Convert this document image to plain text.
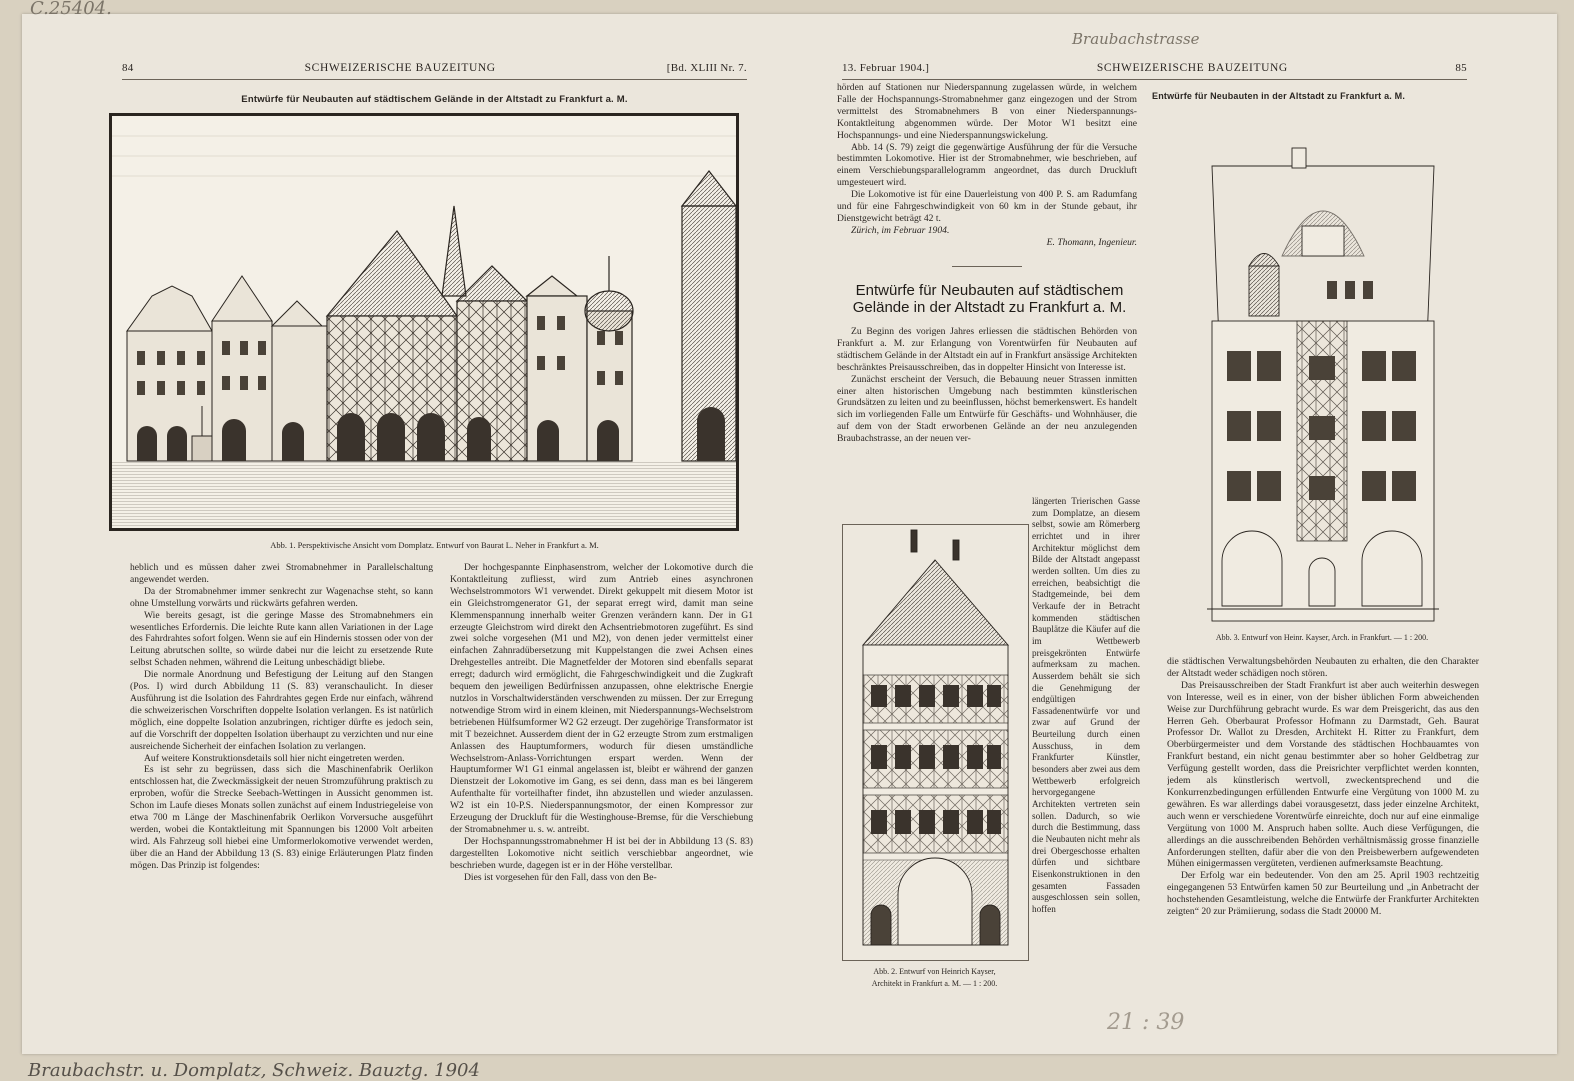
C.25404.
Braubachstrasse
21 : 39
84	SCHWEIZERISCHE BAUZEITUNG	[Bd. XLIII Nr. 7.
Entwürfe für Neubauten auf städtischem Gelände in der Altstadt zu Frankfurt a. M.
Abb. 1. Perspektivische Ansicht vom Domplatz. Entwurf von Baurat L. Neher in Frankfurt a. M.

heblich und es müssen daher zwei Stromabnehmer in Parallelschaltung angewendet werden.

Da der Stromabnehmer immer senkrecht zur Wagenachse steht, so kann ohne Umstellung vorwärts und rückwärts gefahren werden.

Wie bereits gesagt, ist die geringe Masse des Stromabnehmers ein wesentliches Erfordernis. Die leichte Rute kann allen Variationen in der Lage des Fahrdrahtes sofort folgen. Wenn sie auf ein Hindernis stossen oder von der Leitung abrutschen sollte, so würde dabei nur die leicht zu ersetzende Rute selbst Schaden nehmen, während die Leitung unbeschädigt bliebe.

Die normale Anordnung und Befestigung der Leitung auf den Stangen (Pos. I) wird durch Abbildung 11 (S. 83) veranschaulicht. In dieser Ausführung ist die Isolation des Fahrdrahtes gegen Erde nur einfach, während die schweizerischen Vorschriften doppelte Isolation verlangen. Es ist natürlich möglich, eine doppelte Isolation anzubringen, richtiger dürfte es jedoch sein, auf die Vorschrift der doppelten Isolation überhaupt zu verzichten und nur eine ausreichende Sicherheit der einfachen Isolation zu verlangen.

Auf weitere Konstruktionsdetails soll hier nicht eingetreten werden.

Es ist sehr zu begrüssen, dass sich die Maschinenfabrik Oerlikon entschlossen hat, die Zweckmässigkeit der neuen Stromzuführung praktisch zu erproben, wofür die Strecke Seebach-Wettingen in Aussicht genommen ist. Schon im Laufe dieses Monats sollen zunächst auf einem Industriegeleise von etwa 700 m Länge der Maschinenfabrik Oerlikon Vorversuche ausgeführt werden, wobei die Kontaktleitung mit Spannungen bis 12000 Volt arbeiten wird. Als Fahrzeug soll hiebei eine Umformerlokomotive verwendet werden, über die an Hand der Abbildung 13 (S. 83) einige Erläuterungen Platz finden mögen. Das Prinzip ist folgendes:

Der hochgespannte Einphasenstrom, welcher der Lokomotive durch die Kontaktleitung zufliesst, wird zum Antrieb eines asynchronen Wechselstrommotors W1 verwendet. Direkt gekuppelt mit diesem Motor ist ein Gleichstromgenerator G1, der separat erregt wird, damit man seine Klemmenspannung innerhalb weiter Grenzen verändern kann. Der in G1 erzeugte Gleichstrom wird direkt den Achsentriebmotoren zugeführt. Es sind zwei solche vorgesehen (M1 und M2), von denen jeder vermittelst einer einfachen Zahnradübersetzung mit Kuppelstangen die zwei Achsen eines Drehgestelles antreibt. Die Magnetfelder der Motoren sind ebenfalls separat erregt; dadurch wird ermöglicht, die Fahrgeschwindigkeit und die Zugkraft bequem den jeweiligen Bedürfnissen anzupassen, ohne elektrische Energie nutzlos in Vorschaltwiderständen verschwenden zu müssen. Der zur Erregung notwendige Strom wird in einem kleinen, mit Niederspannungs-Wechselstrom betriebenen Hülfsumformer W2 G2 erzeugt. Der zugehörige Transformator ist mit T bezeichnet. Ausserdem dient der in G2 erzeugte Strom zum erstmaligen Anlassen des Hauptumformers, wodurch für diesen umständliche Wechselstrom-Anlass-Vorrichtungen erspart werden. Wenn der Hauptumformer W1 G1 einmal angelassen ist, bleibt er während der ganzen Dienstzeit der Lokomotive im Gang, es sei denn, dass man es bei längerem Aufenthalte für vorteilhafter findet, ihn abzustellen und wieder anzulassen. W2 ist ein 10-P.S. Niederspannungsmotor, der einen Kompressor zur Erzeugung der Druckluft für die Westinghouse-Bremse, für die Verschiebung der Stromabnehmer u. s. w. antreibt.

Der Hochspannungsstromabnehmer H ist bei der in Abbildung 13 (S. 83) dargestellten Lokomotive nicht seitlich verschiebbar angeordnet, wie beschrieben wurde, dagegen ist er in der Höhe verstellbar.

Dies ist vorgesehen für den Fall, dass von den Be-

13. Februar 1904.]	SCHWEIZERISCHE BAUZEITUNG	85

hörden auf Stationen nur Niederspannung zugelassen würde, in welchem Falle der Hochspannungs-Stromabnehmer ganz eingezogen und der Strom vermittelst des Stromabnehmers B von einer Niederspannungs-Kontaktleitung abgenommen würde. Der Motor W1 besitzt eine Hochspannungs- und eine Niederspannungswickelung.

Abb. 14 (S. 79) zeigt die gegenwärtige Ausführung der für die Versuche bestimmten Lokomotive. Hier ist der Stromabnehmer, wie beschrieben, auf einem Verschiebungsparallelogramm angeordnet, das durch Druckluft umgesteuert wird.

Die Lokomotive ist für eine Dauerleistung von 400 P. S. am Radumfang und für eine Fahrgeschwindigkeit von 60 km in der Stunde gebaut, ihr Dienstgewicht beträgt 42 t.

Zürich, im Februar 1904.

E. Thomann, Ingenieur.

Entwürfe für Neubauten auf städtischem Gelände in der Altstadt zu Frankfurt a. M.

Zu Beginn des vorigen Jahres erliessen die städtischen Behörden von Frankfurt a. M. zur Erlangung von Vorentwürfen für Neubauten auf städtischem Gelände in der Altstadt ein auf in Frankfurt ansässige Architekten beschränktes Preisausschreiben, das in doppelter Hinsicht von Interesse ist.

Zunächst erscheint der Versuch, die Bebauung neuer Strassen inmitten einer alten historischen Umgebung nach bestimmten künstlerischen Grundsätzen zu leiten und zu beeinflussen, höchst bemerkenswert. Es handelt sich im vorliegenden Falle um Entwürfe für Geschäfts- und Wohnhäuser, die auf dem von der Stadt erworbenen Gelände an der neu anzulegenden Braubachstrasse, an der neuen ver-

Abb. 2. Entwurf von Heinrich Kayser,
Architekt in Frankfurt a. M. — 1 : 200.

längerten Trierischen Gasse zum Domplatze, an diesem selbst, sowie am Römerberg errichtet und in ihrer Architektur möglichst dem Bilde der Altstadt angepasst werden sollten. Um dies zu erreichen, beabsichtigt die Stadtgemeinde, bei dem Verkaufe der in Betracht kommenden städtischen Bauplätze die Käufer auf die im Wettbewerb preisgekrönten Entwürfe aufmerksam zu machen. Ausserdem behält sie sich die Genehmigung der endgültigen Fassadenentwürfe vor und zwar auf Grund der Beurteilung durch einen Ausschuss, in dem Frankfurter Künstler, besonders aber zwei aus dem Wettbewerb erfolgreich hervorgegangene Architekten vertreten sein sollen. Dadurch, so wie durch die Bestimmung, dass die Neubauten nicht mehr als drei Obergeschosse erhalten dürfen und sichtbare Eisenkonstruktionen in den gesamten Fassaden ausgeschlossen sein sollen, hoffen

Entwürfe für Neubauten in der Altstadt zu Frankfurt a. M.
Abb. 3. Entwurf von Heinr. Kayser, Arch. in Frankfurt. — 1 : 200.

die städtischen Verwaltungsbehörden Neubauten zu erhalten, die den Charakter der Altstadt weder schädigen noch stören.

Das Preisausschreiben der Stadt Frankfurt ist aber auch weiterhin deswegen von Interesse, weil es in einer, von der bisher üblichen Form abweichenden Weise zur Durchführung gebracht wurde. Es war dem Preisgericht, das aus den Herren Geh. Oberbaurat Professor Hofmann zu Darmstadt, Geh. Baurat Professor Dr. Wallot zu Dresden, Architekt H. Ritter zu Frankfurt, dem Oberbürgermeister und dem Vorstande des städtischen Hochbauamtes von Frankfurt bestand, ein nicht genau bestimmter aber so hoher Geldbetrag zur Verfügung gestellt worden, dass die Preisrichter verpflichtet werden konnten, jedem als künstlerisch wertvoll, zweckentsprechend und die Konkurrenzbedingungen erfüllenden Entwurfe eine Vergütung von 1000 M. zu gewähren. Es war allerdings dabei vorausgesetzt, dass jeder einzelne Architekt, auch wenn er verschiedene Vorentwürfe einreichte, doch nur auf eine einmalige Vergütung von 1000 M. Anspruch haben sollte. Auch diese Verfügungen, die allerdings an die ausschreibenden Behörden verhältnismässig grosse finanzielle Anforderungen stellten, dafür aber die von den Preisbewerbern aufgewendeten Mühen einigermassen vergüteten, verdienen aufmerksamste Beachtung.

Der Erfolg war ein bedeutender. Von den am 25. April 1903 rechtzeitig eingegangenen 53 Entwürfen kamen 50 zur Beurteilung und „in Anbetracht der hochstehenden Gesamtleistung, welche die Entwürfe der Frankfurter Architekten zeigten“ 20 zur Prämiierung, sodass die Stadt 20000 M.

Braubachstr. u. Domplatz, Schweiz. Bauztg. 1904
